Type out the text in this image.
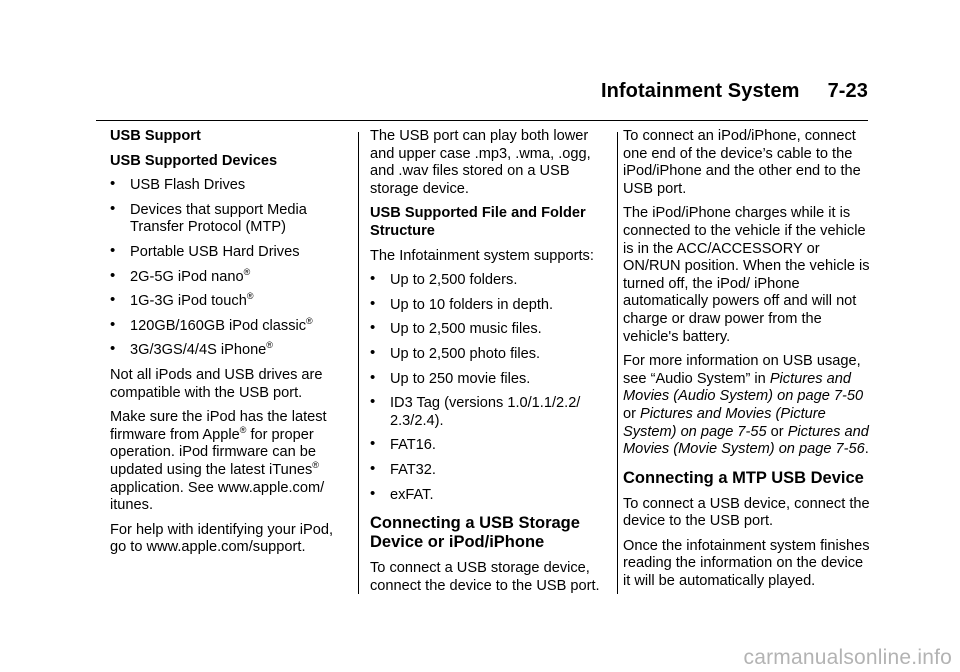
Infotainment System 7-23

USB Support

USB Supported Devices

• USB Flash Drives
• Devices that support Media Transfer Protocol (MTP)
• Portable USB Hard Drives
• 2G-5G iPod nano®
• 1G-3G iPod touch®
• 120GB/160GB iPod classic®
• 3G/3GS/4/4S iPhone®

Not all iPods and USB drives are compatible with the USB port.

Make sure the iPod has the latest firmware from Apple® for proper operation. iPod firmware can be updated using the latest iTunes® application. See www.apple.com/ itunes.

For help with identifying your iPod, go to www.apple.com/support.

The USB port can play both lower and upper case .mp3, .wma, .ogg, and .wav files stored on a USB storage device.

USB Supported File and Folder Structure

The Infotainment system supports:

• Up to 2,500 folders.
• Up to 10 folders in depth.
• Up to 2,500 music files.
• Up to 2,500 photo files.
• Up to 250 movie files.
• ID3 Tag (versions 1.0/1.1/2.2/ 2.3/2.4).
• FAT16.
• FAT32.
• exFAT.
Connecting a USB Storage Device or iPod/iPhone

To connect a USB storage device, connect the device to the USB port.

To connect an iPod/iPhone, connect one end of the device’s cable to the iPod/iPhone and the other end to the USB port.

The iPod/iPhone charges while it is connected to the vehicle if the vehicle is in the ACC/ACCESSORY or ON/RUN position. When the vehicle is turned off, the iPod/ iPhone automatically powers off and will not charge or draw power from the vehicle's battery.

For more information on USB usage, see “Audio System” in Pictures and Movies (Audio System) on page 7-50 or Pictures and Movies (Picture System) on page 7-55 or Pictures and Movies (Movie System) on page 7-56.

Connecting a MTP USB Device

To connect a USB device, connect the device to the USB port.

Once the infotainment system finishes reading the information on the device it will be automatically played.

carmanualsonline.info
